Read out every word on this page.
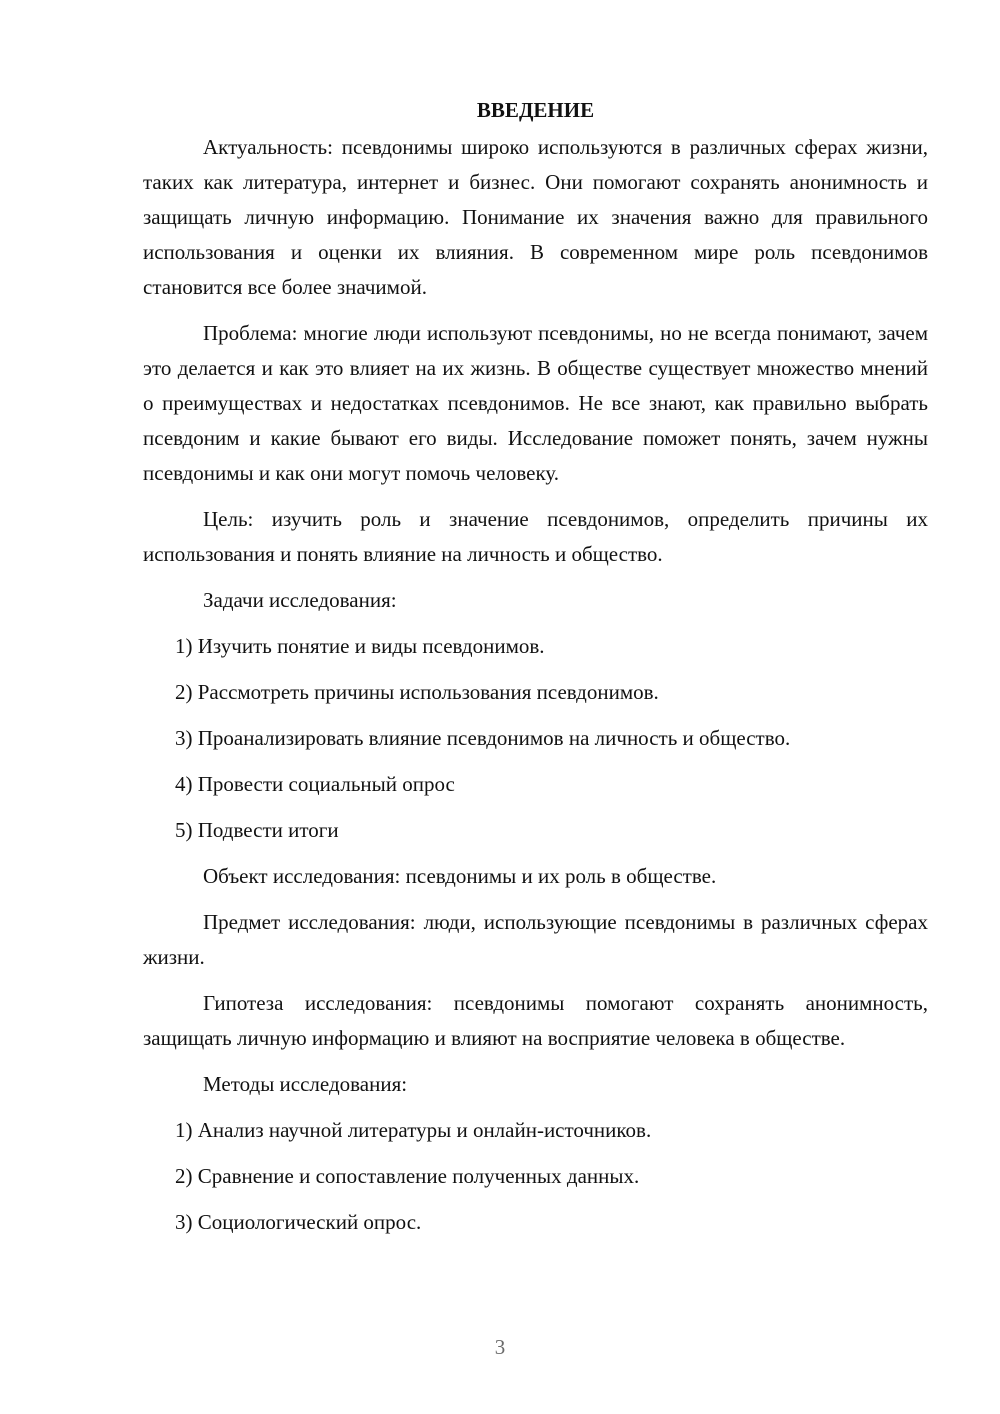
ВВЕДЕНИЕ

Актуальность: псевдонимы широко используются в различных сферах жизни, таких как литература, интернет и бизнес. Они помогают сохранять анонимность и защищать личную информацию. Понимание их значения важно для правильного использования и оценки их влияния. В современном мире роль псевдонимов становится все более значимой.

Проблема: многие люди используют псевдонимы, но не всегда понимают, зачем это делается и как это влияет на их жизнь. В обществе существует множество мнений о преимуществах и недостатках псевдонимов. Не все знают, как правильно выбрать псевдоним и какие бывают его виды. Исследование поможет понять, зачем нужны псевдонимы и как они могут помочь человеку.

Цель: изучить роль и значение псевдонимов, определить причины их использования и понять влияние на личность и общество.

Задачи исследования:
1) Изучить понятие и виды псевдонимов.
2) Рассмотреть причины использования псевдонимов.
3) Проанализировать влияние псевдонимов на личность и общество.
4) Провести социальный опрос
5) Подвести итоги
Объект исследования: псевдонимы и их роль в обществе.

Предмет исследования: люди, использующие псевдонимы в различных сферах жизни.

Гипотеза исследования: псевдонимы помогают сохранять анонимность, защищать личную информацию и влияют на восприятие человека в обществе.

Методы исследования:
1) Анализ научной литературы и онлайн-источников.
2) Сравнение и сопоставление полученных данных.
3) Социологический опрос.
3
